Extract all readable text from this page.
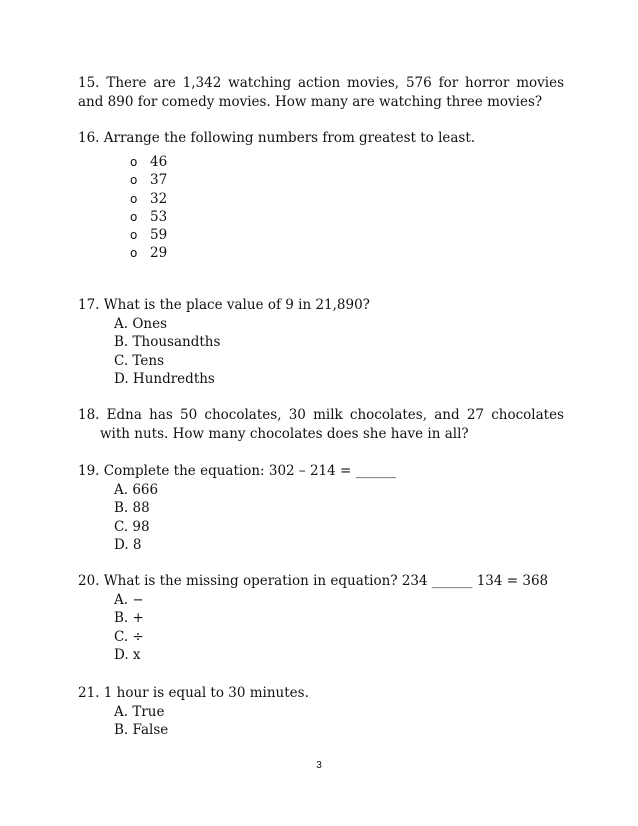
15. There are 1,342 watching action movies, 576 for horror movies and 890 for comedy movies. How many are watching three movies?
16. Arrange the following numbers from greatest to least.
o 46
o 37
o 32
o 53
o 59
o 29
17. What is the place value of 9 in 21,890?
A. Ones
B. Thousandths
C. Tens
D. Hundredths
18. Edna has 50 chocolates, 30 milk chocolates, and 27 chocolates with nuts. How many chocolates does she have in all?
19. Complete the equation: 302 – 214 = ______
A. 666
B. 88
C. 98
D. 8
20. What is the missing operation in equation? 234 ______ 134 = 368
A. −
B. +
C. ÷
D. x
21. 1 hour is equal to 30 minutes.
A. True
B. False
3
